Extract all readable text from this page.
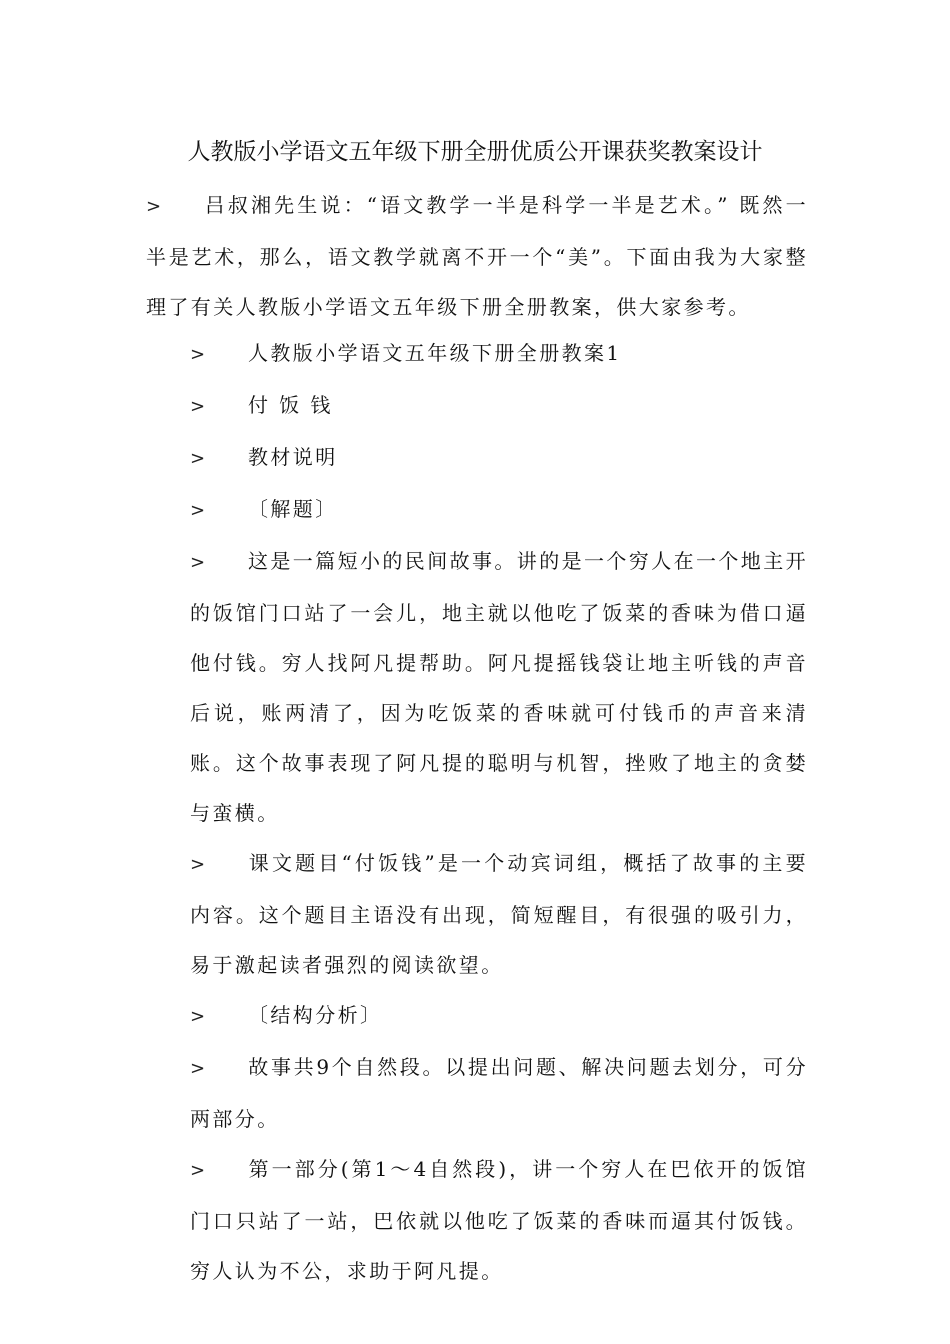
人教版小学语文五年级下册全册优质公开课获奖教案设计

> 吕叔湘先生说：“语文教学一半是科学一半是艺术。” 既然一半是艺术，那么，语文教学就离不开一个“美”。下面由我为大家整理了有关人教版小学语文五年级下册全册教案，供大家参考。

> 人教版小学语文五年级下册全册教案1

> 付 饭 钱

> 教材说明

> 〔解题〕

> 这是一篇短小的民间故事。讲的是一个穷人在一个地主开的饭馆门口站了一会儿，地主就以他吃了饭菜的香味为借口逼他付钱。穷人找阿凡提帮助。阿凡提摇钱袋让地主听钱的声音后说，账两清了，因为吃饭菜的香味就可付钱币的声音来清账。这个故事表现了阿凡提的聪明与机智，挫败了地主的贪婪与蛮横。

> 课文题目“付饭钱”是一个动宾词组，概括了故事的主要内容。这个题目主语没有出现，简短醒目，有很强的吸引力，易于激起读者强烈的阅读欲望。

> 〔结构分析〕

> 故事共9个自然段。以提出问题、解决问题去划分，可分两部分。

> 第一部分(第1～4自然段)，讲一个穷人在巴依开的饭馆门口只站了一站，巴依就以他吃了饭菜的香味而逼其付饭钱。穷人认为不公，求助于阿凡提。
